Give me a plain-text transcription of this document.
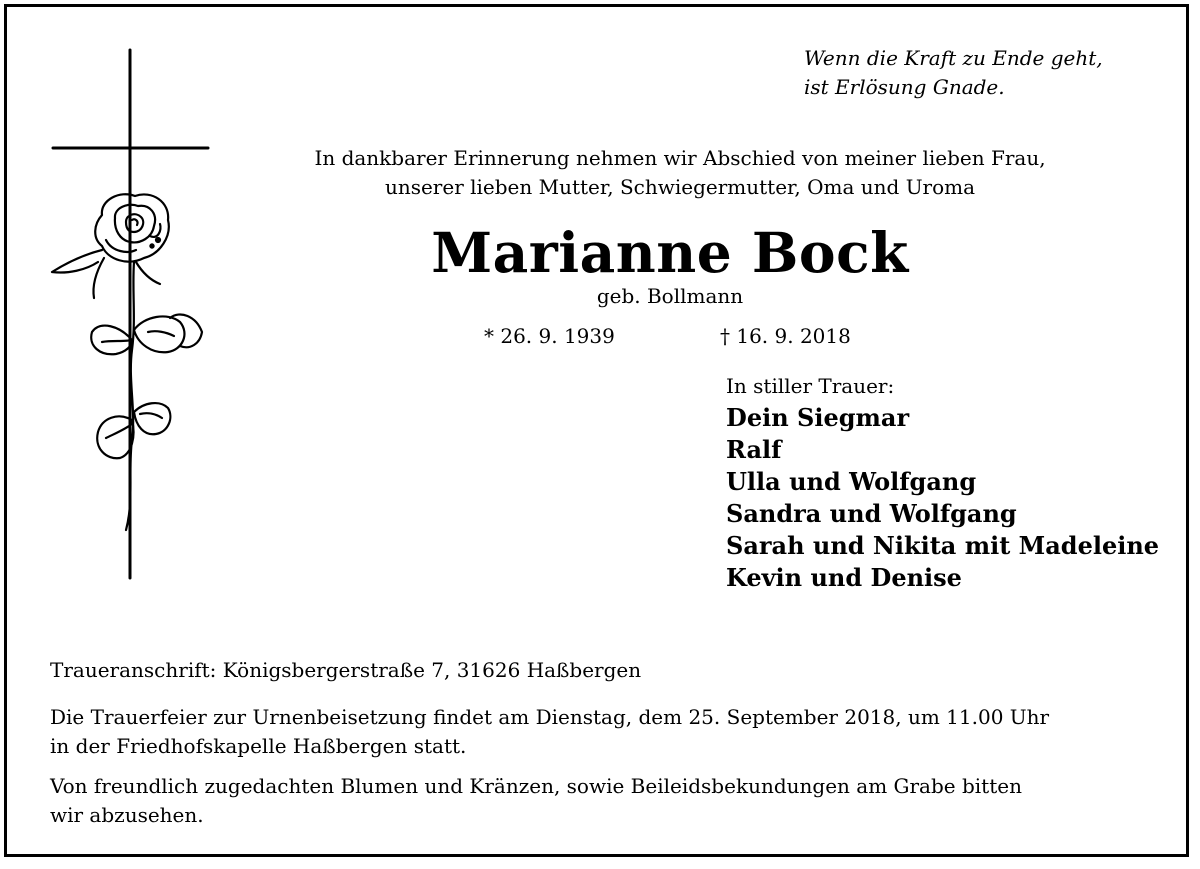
Wenn die Kraft zu Ende geht,
ist Erlösung Gnade.
In dankbarer Erinnerung nehmen wir Abschied von meiner lieben Frau,
unserer lieben Mutter, Schwiegermutter, Oma und Uroma
Marianne Bock
geb. Bollmann
* 26. 9. 1939	† 16. 9. 2018
In stiller Trauer:
Dein Siegmar
Ralf
Ulla und Wolfgang
Sandra und Wolfgang
Sarah und Nikita mit Madeleine
Kevin und Denise
Traueranschrift: Königsbergerstraße 7, 31626 Haßbergen
Die Trauerfeier zur Urnenbeisetzung findet am Dienstag, dem 25. September 2018, um 11.00 Uhr
in der Friedhofskapelle Haßbergen statt.
Von freundlich zugedachten Blumen und Kränzen, sowie Beileidsbekundungen am Grabe bitten
wir abzusehen.
